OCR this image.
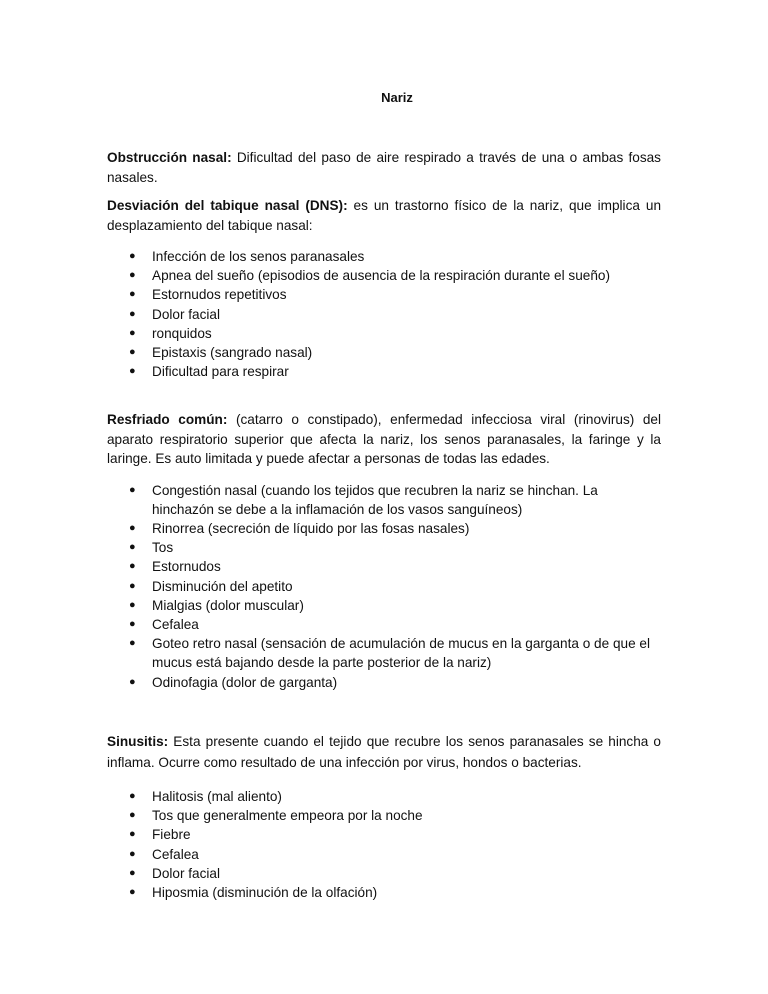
Nariz

Obstrucción nasal: Dificultad del paso de aire respirado a través de una o ambas fosas nasales.

Desviación del tabique nasal (DNS): es un trastorno físico de la nariz, que implica un desplazamiento del tabique nasal:

● Infección de los senos paranasales
● Apnea del sueño (episodios de ausencia de la respiración durante el sueño)
● Estornudos repetitivos
● Dolor facial
● ronquidos
● Epistaxis (sangrado nasal)
● Dificultad para respirar

Resfriado común: (catarro o constipado), enfermedad infecciosa viral (rinovirus) del aparato respiratorio superior que afecta la nariz, los senos paranasales, la faringe y la laringe. Es auto limitada y puede afectar a personas de todas las edades.

● Congestión nasal (cuando los tejidos que recubren la nariz se hinchan. La hinchazón se debe a la inflamación de los vasos sanguíneos)
● Rinorrea (secreción de líquido por las fosas nasales)
● Tos
● Estornudos
● Disminución del apetito
● Mialgias (dolor muscular)
● Cefalea
● Goteo retro nasal (sensación de acumulación de mucus en la garganta o de que el mucus está bajando desde la parte posterior de la nariz)
● Odinofagia (dolor de garganta)

Sinusitis: Esta presente cuando el tejido que recubre los senos paranasales se hincha o inflama. Ocurre como resultado de una infección por virus, hondos o bacterias.

● Halitosis (mal aliento)
● Tos que generalmente empeora por la noche
● Fiebre
● Cefalea
● Dolor facial
● Hiposmia (disminución de la olfación)
